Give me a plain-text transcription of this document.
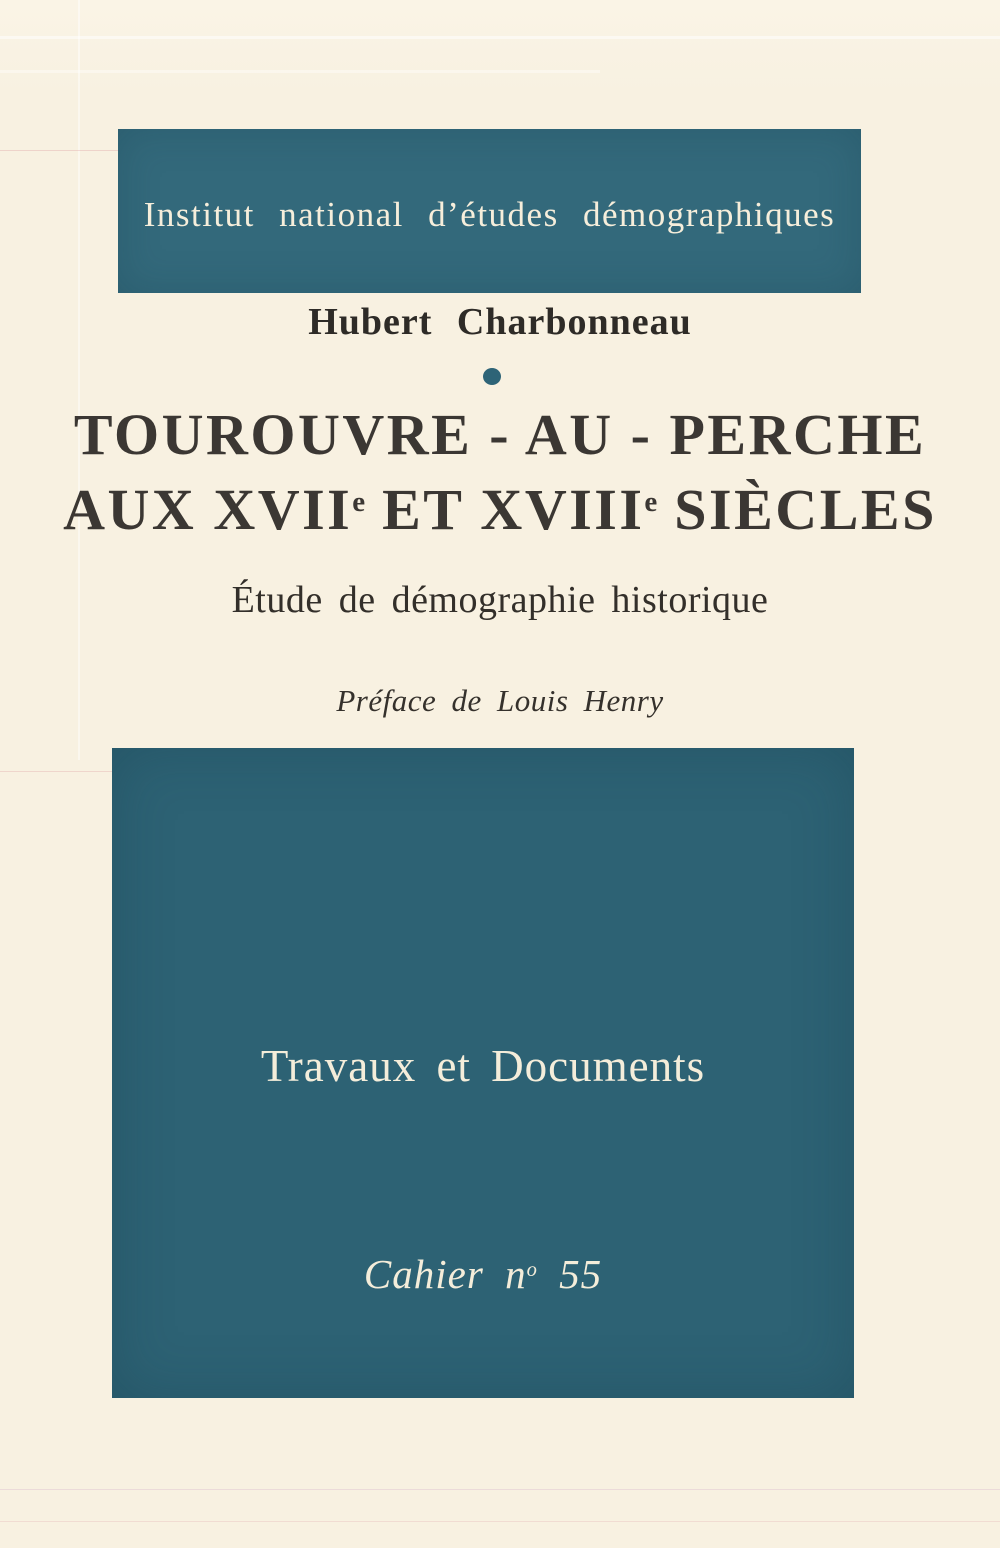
Institut national d’études démographiques
Hubert Charbonneau
TOUROUVRE - AU - PERCHE
AUX XVIIe ET XVIIIe SIÈCLES
Étude de démographie historique
Préface de Louis Henry
Travaux et Documents
Cahier $n^o$ 55
